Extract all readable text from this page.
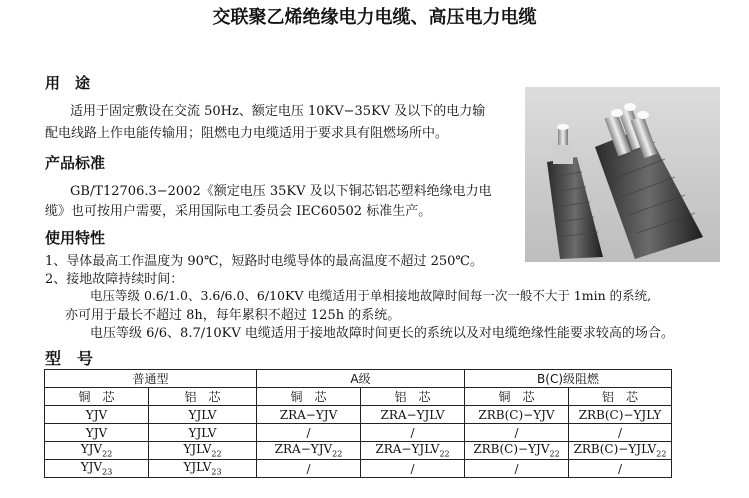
交联聚乙烯绝缘电力电缆、高压电力电缆
用　途
适用于固定敷设在交流 50Hz、额定电压 10KV−35KV 及以下的电力输
配电线路上作电能传输用；阻燃电力电缆适用于要求具有阻燃场所中。
产品标准
GB/T12706.3−2002《额定电压 35KV 及以下铜芯铝芯塑料绝缘电力电
缆》也可按用户需要，采用国际电工委员会 IEC60502 标准生产。
使用特性
1、导体最高工作温度为 90℃，短路时电缆导体的最高温度不超过 250℃。
2、接地故障持续时间：
电压等级 0.6/1.0、3.6/6.0、6/10KV 电缆适用于单相接地故障时间每一次一般不大于 1min 的系统,
亦可用于最长不超过 8h，每年累积不超过 125h 的系统。
电压等级 6/6、8.7/10KV 电缆适用于接地故障时间更长的系统以及对电缆绝缘性能要求较高的场合。
型　号
普通型		A级		B(C)级阻燃	
铜　芯	铝　芯	铜　芯	铝　芯	铜　芯	铝　芯
YJV	YJLV	ZRA−YJV	ZRA−YJLV	ZRB(C)−YJV	ZRB(C)−YJLY
YJV	YJLV	/	/	/	/
$YJV_{22}$	$YJLV_{22}$	$ZRA-YJV_{22}$	$ZRA-YJLV_{22}$	$ZRB(C)-YJV_{22}$	$ZRB(C)-YJLV_{22}$
$YJV_{23}$	$YJLV_{23}$	/	/	/	/
